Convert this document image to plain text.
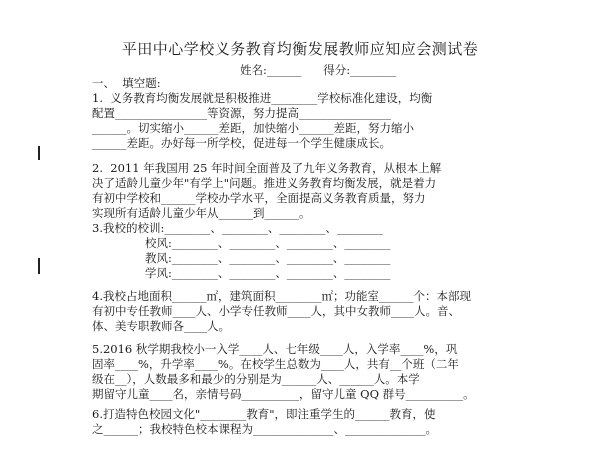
平田中心学校义务教育均衡发展教师应知应会测试卷
姓名:______      得分:________
一、  填空题:
1.  义务教育均衡发展就是积极推进________学校标准化建设，均衡
配置________________等资源，努力提高________________
______。切实缩小______差距，加快缩小______差距，努力缩小
______差距。办好每一所学校，促进每一个学生健康成长。
2.  2011 年我国用 25 年时间全面普及了九年义务教育，从根本上解
决了适龄儿童少年"有学上"问题。推进义务教育均衡发展，就是着力
有初中学校和______学校办学水平，全面提高义务教育质量，努力
实现所有适龄儿童少年从______到______。
3.我校的校训:________、________、________、________
校风:________、________、________、________
教风:________、________、________、________
学风:________、________、________、________
4.我校占地面积______㎡，建筑面积________㎡；功能室______个：本部现
有初中专任教师____人、小学专任教师____人，其中女教师____人。音、
体、美专职教师各____人。
5.2016 秋学期我校小一入学____人、七年级____人，入学率____%，巩
固率____%，升学率____%。在校学生总数为____人，共有__个班（二年
级在__），人数最多和最少的分别是为______人、______人。本学
期留守儿童____名，亲情号码__________，留守儿童 QQ 群号__________。
6.打造特色校园文化"________教育"，即注重学生的______教育，使
之______；我校特色校本课程为______________、______________。
